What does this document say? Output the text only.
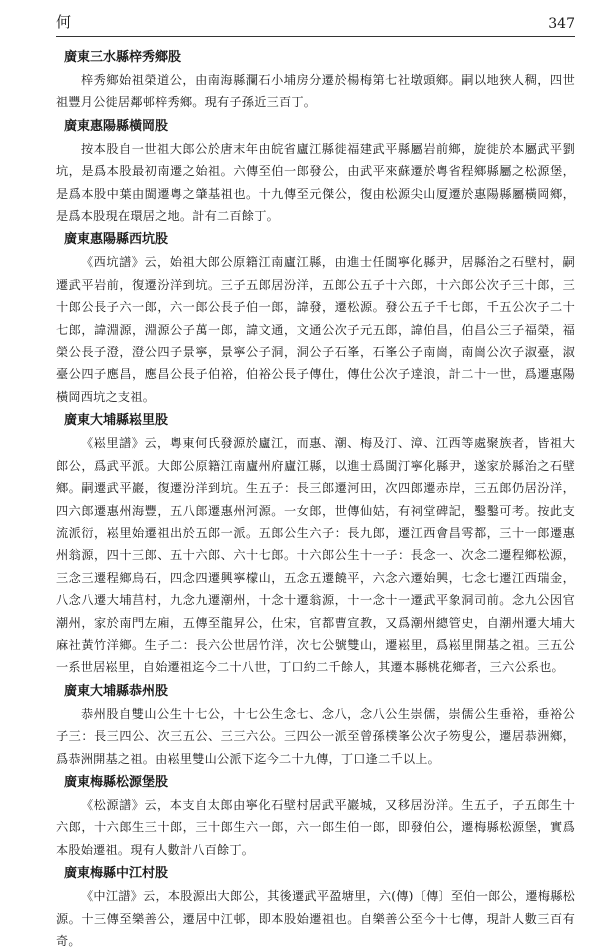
何	347

廣東三水縣梓秀鄉股

梓秀鄉始祖榮道公，由南海縣瀾石小埔房分遷於楊梅第七社墩頭鄉。嗣以地狹人稠，四世祖豐月公徙居鄰邨梓秀鄉。現有子孫近三百丁。

廣東惠陽縣橫岡股

按本股自一世祖大郎公於唐末年由皖省廬江縣徙福建武平縣屬岩前鄉，旋徙於本屬武平劉坑，是爲本股最初南遷之始祖。六傳至伯一郎發公，由武平來蘇遷於粵省程鄉縣屬之松源堡，是爲本股中葉由閩遷粵之肇基祖也。十九傳至元傑公，復由松源尖山厦遷於惠陽縣屬橫岡鄉，是爲本股現在環居之地。計有二百餘丁。

廣東惠陽縣西坑股

《西坑譜》云，始祖大郎公原籍江南廬江縣，由進士任閩寧化縣尹，居縣治之石壁村，嗣遷武平岩前，復遷汾洋到坑。三子五郎居汾洋，五郎公五子十六郎，十六郎公次子三十郎，三十郎公長子六一郎，六一郎公長子伯一郎，諱發，遷松源。發公五子千七郎，千五公次子二十七郎，諱淵源，淵源公子萬一郎，諱文通，文通公次子元五郎，諱伯昌，伯昌公三子福榮，福榮公長子澄，澄公四子景寧，景寧公子洞，洞公子石峯，石峯公子南崗，南崗公次子淑臺，淑臺公四子應昌，應昌公長子伯裕，伯裕公長子傳仕，傳仕公次子達浪，計二十一世，爲遷惠陽橫岡西坑之支祖。

廣東大埔縣崧里股

《崧里譜》云，粵東何氏發源於廬江，而惠、潮、梅及汀、漳、江西等處聚族者，皆祖大郎公，爲武平派。大郎公原籍江南廬州府廬江縣，以進士爲閩汀寧化縣尹，遂家於縣治之石壁鄉。嗣遷武平巖，復遷汾洋到坑。生五子：長三郎遷河田，次四郎遷赤岸，三五郎仍居汾洋，四六郎遷惠州海豐，五八郎遷惠州河源。一女郎，世傳仙姑，有祠堂碑記，鑿鑿可考。按此支流派衍，崧里始遷祖出於五郎一派。五郎公生六子：長九郎，遷江西會昌雩都，三十一郎遷惠州翁源，四十三郎、五十六郎、六十七郎。十六郎公生十一子：長念一、次念二遷程鄉松源，三念三遷程鄉烏石，四念四遷興寧檬山，五念五遷饒平，六念六遷始興，七念七遷江西瑞金，八念八遷大埔莒村，九念九遷潮州，十念十遷翁源，十一念十一遷武平象洞司前。念九公因官潮州，家於南門左廂，五傳至龍昇公，仕宋，官都曹宣教，又爲潮州總管史，自潮州遷大埔大麻社黃竹洋鄉。生子二：長六公世居竹洋，次七公號雙山，遷崧里，爲崧里開基之祖。三五公一系世居崧里，自始遷祖迄今二十八世，丁口約二千餘人，其遷本縣桃花鄉者，三六公系也。

廣東大埔縣恭州股

恭州股自雙山公生十七公，十七公生念七、念八，念八公生崇儒，崇儒公生垂裕，垂裕公子三：長三四公、次三五公、三三六公。三四公一派至曾孫樸峯公次子笏叟公，遷居恭洲鄉，爲恭洲開基之祖。由崧里雙山公派下迄今二十九傳，丁口逢二千以上。

廣東梅縣松源堡股

《松源譜》云，本支自太郎由寧化石壁村居武平巖城，又移居汾洋。生五子，子五郎生十六郎，十六郎生三十郎，三十郎生六一郎，六一郎生伯一郎，即發伯公，遷梅縣松源堡，實爲本股始遷祖。現有人數計八百餘丁。

廣東梅縣中江村股

《中江譜》云，本股源出大郎公，其後遷武平盈塘里，六(傳)〔傳〕至伯一郎公，遷梅縣松源。十三傳至樂善公，遷居中江邨，即本股始遷祖也。自樂善公至今十七傳，現計人數三百有奇。
